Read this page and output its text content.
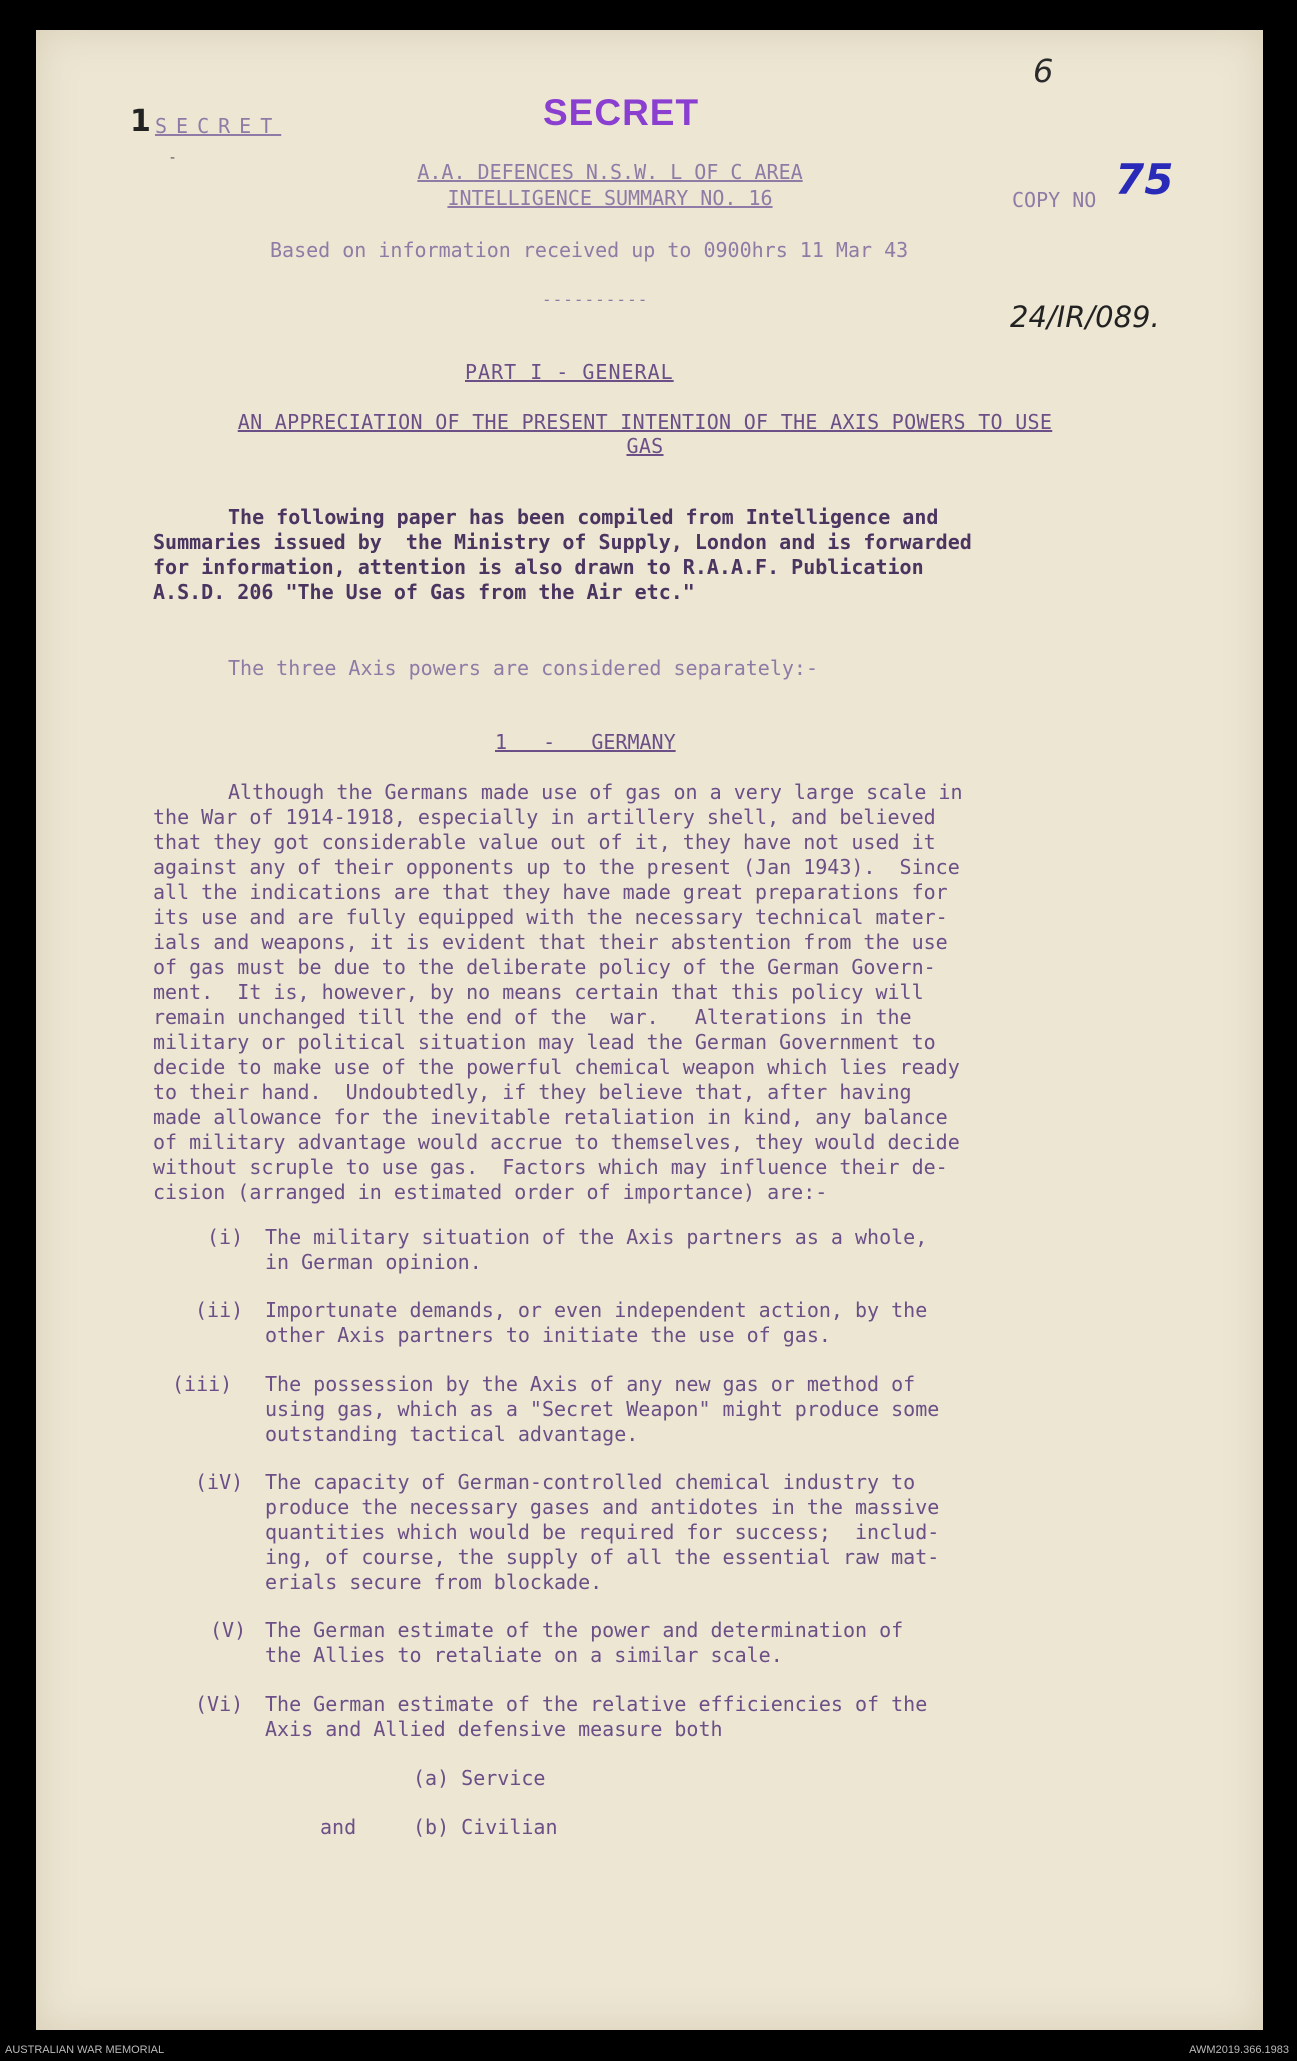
6
SECRET
1 SECRET
-
A.A. DEFENCES N.S.W. L OF C AREA
INTELLIGENCE SUMMARY NO. 16	COPY NO 75
Based on information received up to 0900hrs 11 Mar 43
----------
24/IR/089.
PART I - GENERAL
AN APPRECIATION OF THE PRESENT INTENTION OF THE AXIS POWERS TO USE
GAS
The following paper has been compiled from Intelligence and
Summaries issued by  the Ministry of Supply, London and is forwarded
for information, attention is also drawn to R.A.A.F. Publication
A.S.D. 206 "The Use of Gas from the Air etc."
The three Axis powers are considered separately:-
1   -   GERMANY
Although the Germans made use of gas on a very large scale in
the War of 1914-1918, especially in artillery shell, and believed
that they got considerable value out of it, they have not used it
against any of their opponents up to the present (Jan 1943).  Since
all the indications are that they have made great preparations for
its use and are fully equipped with the necessary technical mater-
ials and weapons, it is evident that their abstention from the use
of gas must be due to the deliberate policy of the German Govern-
ment.  It is, however, by no means certain that this policy will
remain unchanged till the end of the  war.   Alterations in the
military or political situation may lead the German Government to
decide to make use of the powerful chemical weapon which lies ready
to their hand.  Undoubtedly, if they believe that, after having
made allowance for the inevitable retaliation in kind, any balance
of military advantage would accrue to themselves, they would decide
without scruple to use gas.  Factors which may influence their de-
cision (arranged in estimated order of importance) are:-
(i) The military situation of the Axis partners as a whole,
in German opinion.
(ii) Importunate demands, or even independent action, by the
other Axis partners to initiate the use of gas.
(iii) The possession by the Axis of any new gas or method of
using gas, which as a "Secret Weapon" might produce some
outstanding tactical advantage.
(iV) The capacity of German-controlled chemical industry to
produce the necessary gases and antidotes in the massive
quantities which would be required for success;  includ-
ing, of course, the supply of all the essential raw mat-
erials secure from blockade.
(V) The German estimate of the power and determination of
the Allies to retaliate on a similar scale.
(Vi) The German estimate of the relative efficiencies of the
Axis and Allied defensive measure both
(a) Service
and	(b) Civilian
AUSTRALIAN WAR MEMORIAL	AWM2019.366.1983
